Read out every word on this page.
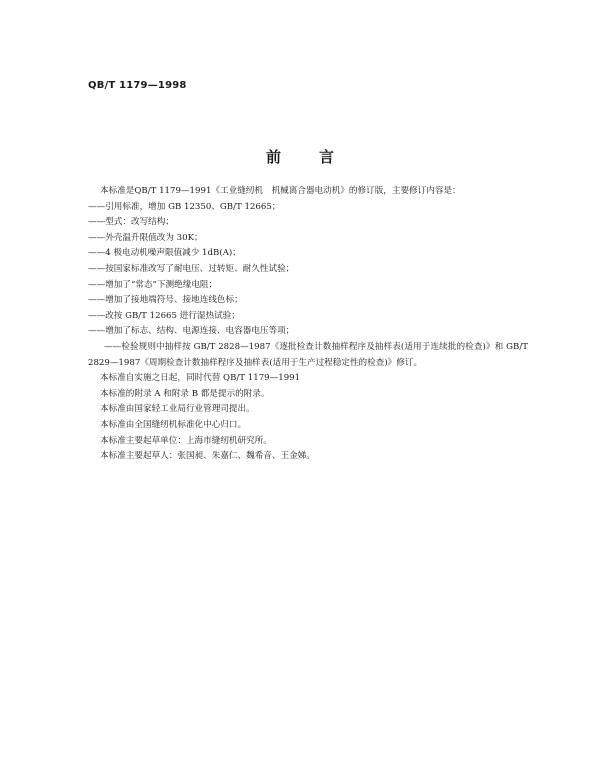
QB/T 1179—1998
前言
本标准是QB/T 1179—1991《工业缝纫机　机械离合器电动机》的修订版，主要修订内容是：
——引用标准，增加 GB 12350、GB/T 12665；
——型式：改写结构；
——外壳温升限值改为 30K；
——4 极电动机噪声限值减少 1dB(A)；
——按国家标准改写了耐电压、过转矩、耐久性试验；
——增加了“常态”下测绝缘电阻；
——增加了接地端符号、接地连线色标；
——改按 GB/T 12665 进行湿热试验；
——增加了标志、结构、电源连接、电容器电压等项；
——检验规则中抽样按 GB/T 2828—1987《逐批检查计数抽样程序及抽样表(适用于连续批的检查)》和 GB/T 2829—1987《周期检查计数抽样程序及抽样表(适用于生产过程稳定性的检查)》修订。
本标准自实施之日起，同时代替 QB/T 1179—1991
本标准的附录 A 和附录 B 都是提示的附录。
本标准由国家轻工业局行业管理司提出。
本标准由全国缝纫机标准化中心归口。
本标准主要起草单位：上海市缝纫机研究所。
本标准主要起草人：张国昶、朱嘉仁、魏希音、王金娣。
